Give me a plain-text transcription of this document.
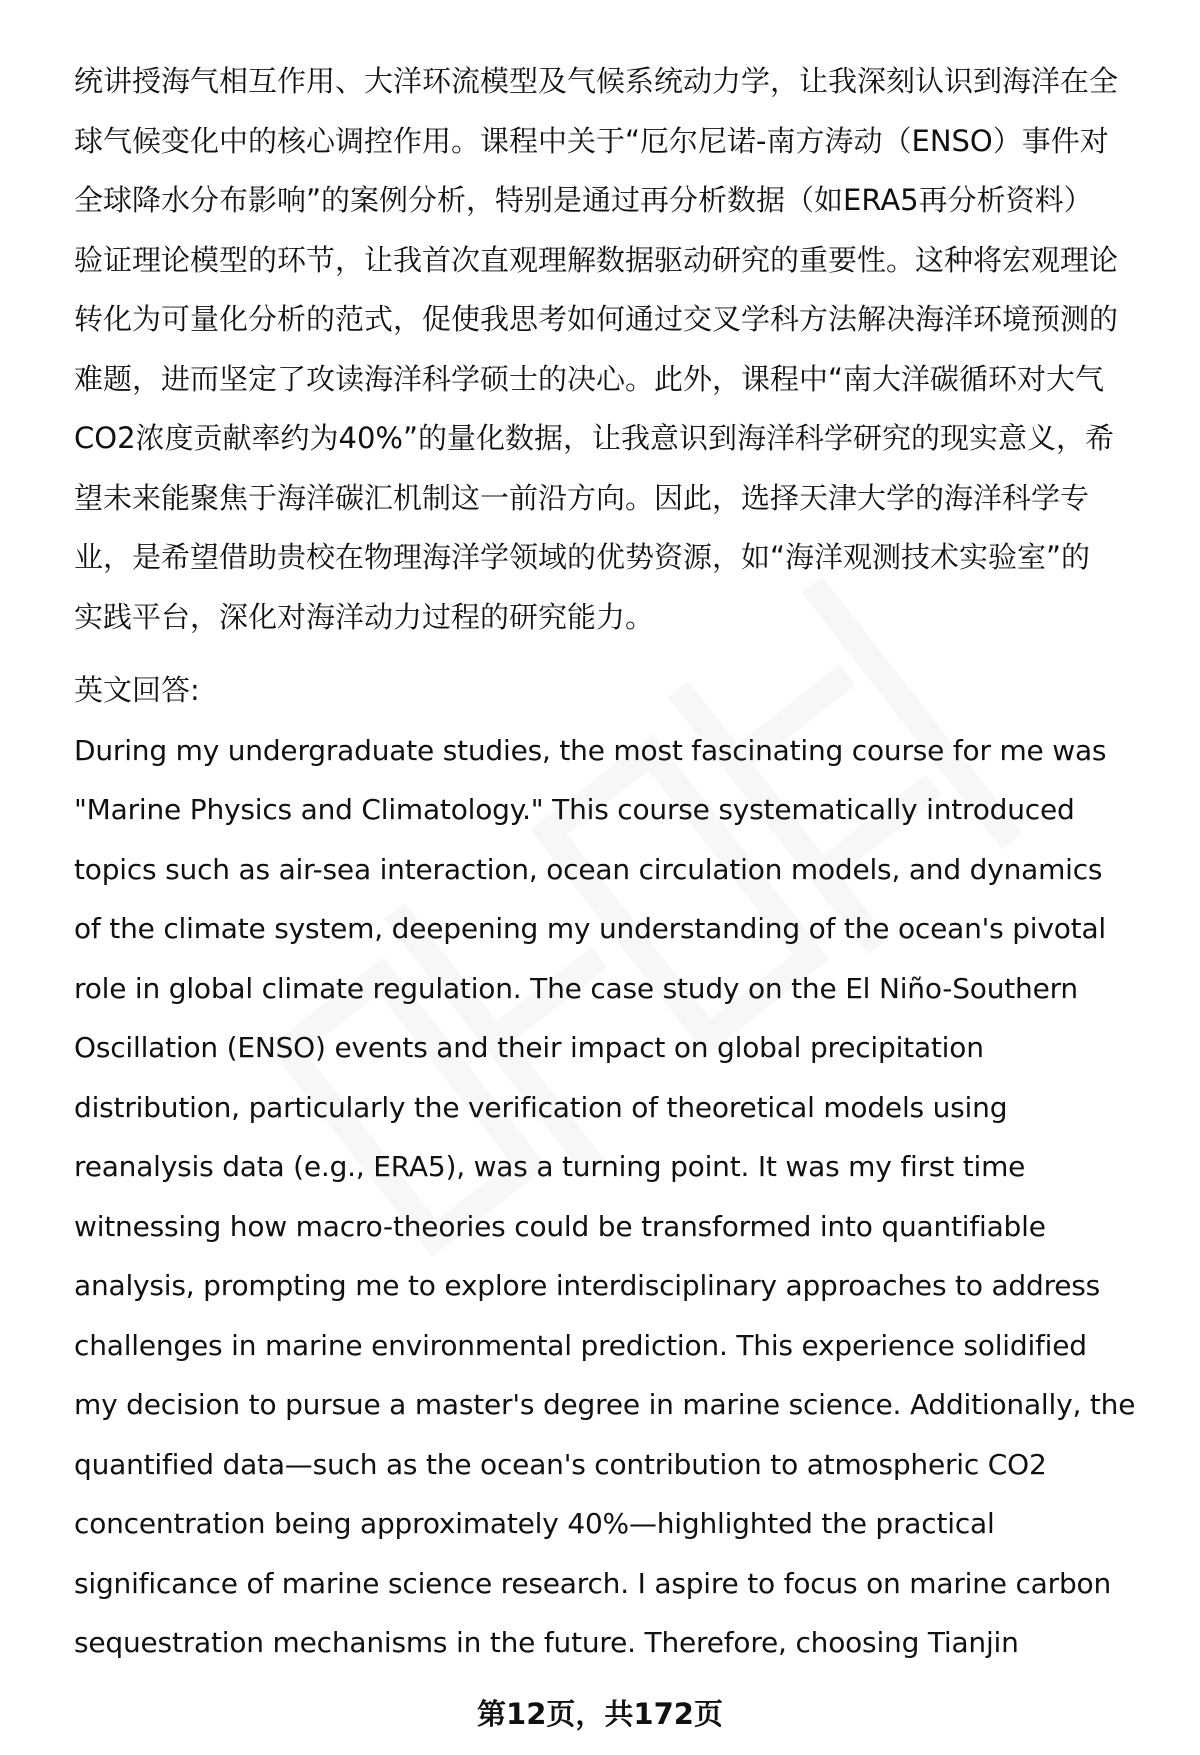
统讲授海气相互作用、大洋环流模型及气候系统动力学，让我深刻认识到海洋在全
球气候变化中的核心调控作用。课程中关于“厄尔尼诺-南方涛动（ENSO）事件对
全球降水分布影响”的案例分析，特别是通过再分析数据（如ERA5再分析资料）
验证理论模型的环节，让我首次直观理解数据驱动研究的重要性。这种将宏观理论
转化为可量化分析的范式，促使我思考如何通过交叉学科方法解决海洋环境预测的
难题，进而坚定了攻读海洋科学硕士的决心。此外，课程中“南大洋碳循环对大气
CO2浓度贡献率约为40%”的量化数据，让我意识到海洋科学研究的现实意义，希
望未来能聚焦于海洋碳汇机制这一前沿方向。因此，选择天津大学的海洋科学专
业，是希望借助贵校在物理海洋学领域的优势资源，如“海洋观测技术实验室”的
实践平台，深化对海洋动力过程的研究能力。
英文回答:
During my undergraduate studies, the most fascinating course for me was
"Marine Physics and Climatology." This course systematically introduced
topics such as air-sea interaction, ocean circulation models, and dynamics
of the climate system, deepening my understanding of the ocean's pivotal
role in global climate regulation. The case study on the El Niño-Southern
Oscillation (ENSO) events and their impact on global precipitation
distribution, particularly the verification of theoretical models using
reanalysis data (e.g., ERA5), was a turning point. It was my first time
witnessing how macro-theories could be transformed into quantifiable
analysis, prompting me to explore interdisciplinary approaches to address
challenges in marine environmental prediction. This experience solidified
my decision to pursue a master's degree in marine science. Additionally, the
quantified data—such as the ocean's contribution to atmospheric CO2
concentration being approximately 40%—highlighted the practical
significance of marine science research. I aspire to focus on marine carbon
sequestration mechanisms in the future. Therefore, choosing Tianjin
第12页，共172页
